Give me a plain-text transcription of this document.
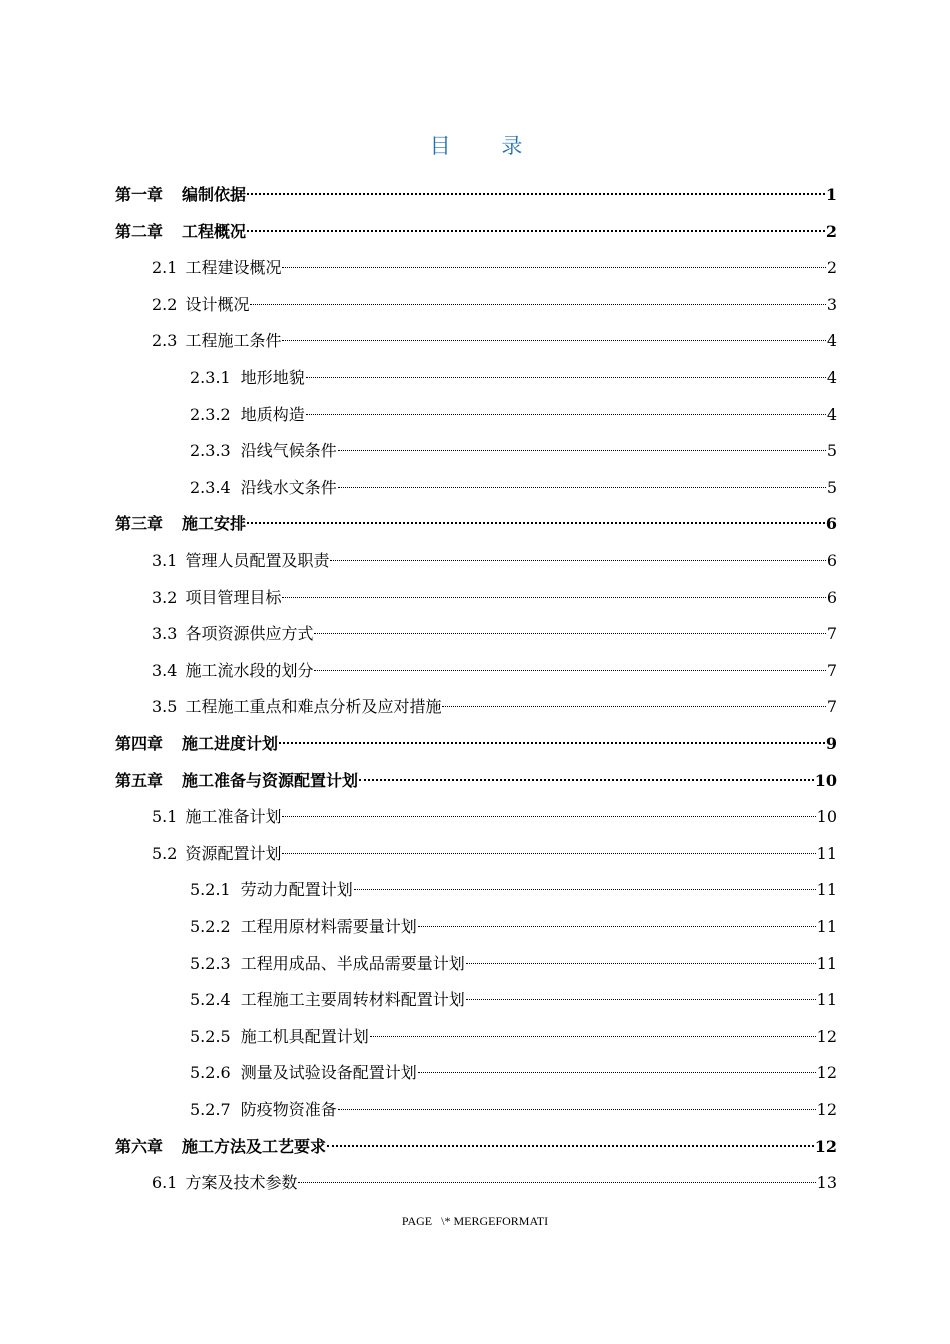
目 录
第一章 编制依据	1
第二章 工程概况	2
2.1 工程建设概况	2
2.2 设计概况	3
2.3 工程施工条件	4
2.3.1 地形地貌	4
2.3.2 地质构造	4
2.3.3 沿线气候条件	5
2.3.4 沿线水文条件	5
第三章 施工安排	6
3.1 管理人员配置及职责	6
3.2 项目管理目标	6
3.3 各项资源供应方式	7
3.4 施工流水段的划分	7
3.5 工程施工重点和难点分析及应对措施	7
第四章 施工进度计划	9
第五章 施工准备与资源配置计划	10
5.1 施工准备计划	10
5.2 资源配置计划	11
5.2.1 劳动力配置计划	11
5.2.2 工程用原材料需要量计划	11
5.2.3 工程用成品、半成品需要量计划	11
5.2.4 工程施工主要周转材料配置计划	11
5.2.5 施工机具配置计划	12
5.2.6 测量及试验设备配置计划	12
5.2.7 防疫物资准备	12
第六章 施工方法及工艺要求	12
6.1 方案及技术参数	13
PAGE   \* MERGEFORMATI
